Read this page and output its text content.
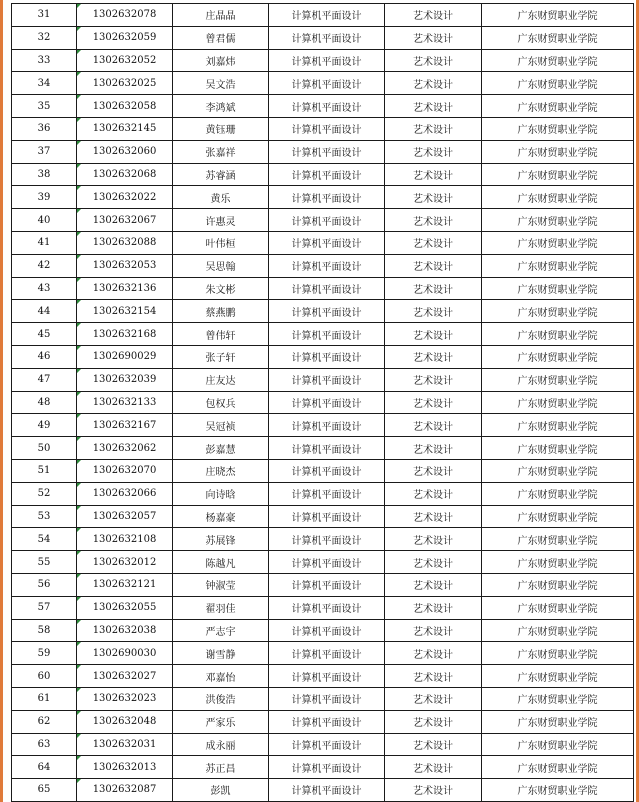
31	1302632078	庄晶晶	计算机平面设计	艺术设计	广东财贸职业学院
32	1302632059	曾君儒	计算机平面设计	艺术设计	广东财贸职业学院
33	1302632052	刘嘉炜	计算机平面设计	艺术设计	广东财贸职业学院
34	1302632025	吴文浩	计算机平面设计	艺术设计	广东财贸职业学院
35	1302632058	李鸿斌	计算机平面设计	艺术设计	广东财贸职业学院
36	1302632145	黄钰珊	计算机平面设计	艺术设计	广东财贸职业学院
37	1302632060	张嘉祥	计算机平面设计	艺术设计	广东财贸职业学院
38	1302632068	苏睿涵	计算机平面设计	艺术设计	广东财贸职业学院
39	1302632022	黄乐	计算机平面设计	艺术设计	广东财贸职业学院
40	1302632067	许惠灵	计算机平面设计	艺术设计	广东财贸职业学院
41	1302632088	叶伟桓	计算机平面设计	艺术设计	广东财贸职业学院
42	1302632053	吴思翰	计算机平面设计	艺术设计	广东财贸职业学院
43	1302632136	朱文彬	计算机平面设计	艺术设计	广东财贸职业学院
44	1302632154	蔡燕鹏	计算机平面设计	艺术设计	广东财贸职业学院
45	1302632168	曾伟轩	计算机平面设计	艺术设计	广东财贸职业学院
46	1302690029	张子轩	计算机平面设计	艺术设计	广东财贸职业学院
47	1302632039	庄友达	计算机平面设计	艺术设计	广东财贸职业学院
48	1302632133	包权兵	计算机平面设计	艺术设计	广东财贸职业学院
49	1302632167	吴冠祯	计算机平面设计	艺术设计	广东财贸职业学院
50	1302632062	彭嘉慧	计算机平面设计	艺术设计	广东财贸职业学院
51	1302632070	庄晓杰	计算机平面设计	艺术设计	广东财贸职业学院
52	1302632066	向诗晗	计算机平面设计	艺术设计	广东财贸职业学院
53	1302632057	杨嘉豪	计算机平面设计	艺术设计	广东财贸职业学院
54	1302632108	苏展锋	计算机平面设计	艺术设计	广东财贸职业学院
55	1302632012	陈越凡	计算机平面设计	艺术设计	广东财贸职业学院
56	1302632121	钟淑莹	计算机平面设计	艺术设计	广东财贸职业学院
57	1302632055	翟羽佳	计算机平面设计	艺术设计	广东财贸职业学院
58	1302632038	严志宇	计算机平面设计	艺术设计	广东财贸职业学院
59	1302690030	谢雪静	计算机平面设计	艺术设计	广东财贸职业学院
60	1302632027	邓嘉怡	计算机平面设计	艺术设计	广东财贸职业学院
61	1302632023	洪俊浩	计算机平面设计	艺术设计	广东财贸职业学院
62	1302632048	严家乐	计算机平面设计	艺术设计	广东财贸职业学院
63	1302632031	成永丽	计算机平面设计	艺术设计	广东财贸职业学院
64	1302632013	苏正昌	计算机平面设计	艺术设计	广东财贸职业学院
65	1302632087	彭凯	计算机平面设计	艺术设计	广东财贸职业学院
